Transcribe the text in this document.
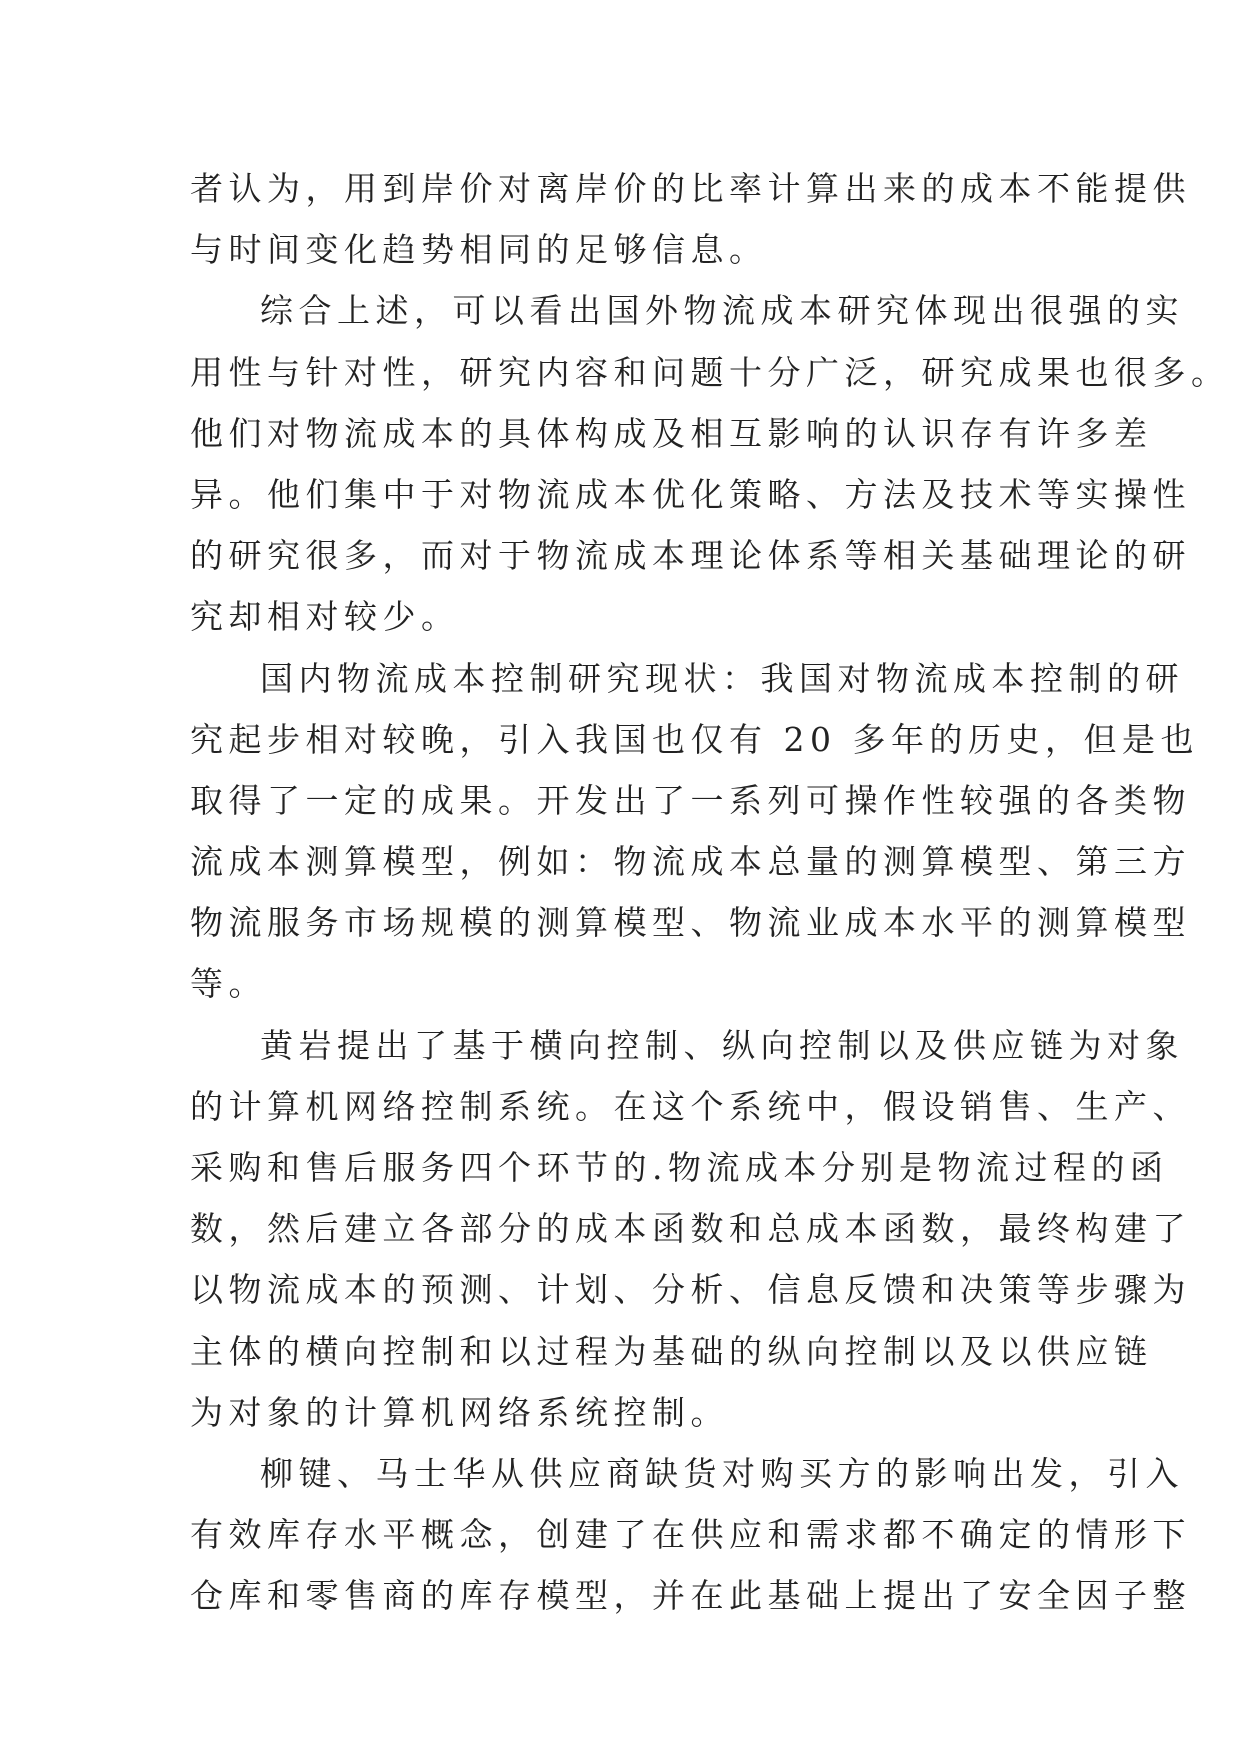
者认为，用到岸价对离岸价的比率计算出来的成本不能提供
与时间变化趋势相同的足够信息。
综合上述，可以看出国外物流成本研究体现出很强的实
用性与针对性，研究内容和问题十分广泛，研究成果也很多。
他们对物流成本的具体构成及相互影响的认识存有许多差
异。他们集中于对物流成本优化策略、方法及技术等实操性
的研究很多，而对于物流成本理论体系等相关基础理论的研
究却相对较少。
国内物流成本控制研究现状：我国对物流成本控制的研
究起步相对较晚，引入我国也仅有 20 多年的历史，但是也
取得了一定的成果。开发出了一系列可操作性较强的各类物
流成本测算模型，例如：物流成本总量的测算模型、第三方
物流服务市场规模的测算模型、物流业成本水平的测算模型
等。
黄岩提出了基于横向控制、纵向控制以及供应链为对象
的计算机网络控制系统。在这个系统中，假设销售、生产、
采购和售后服务四个环节的.物流成本分别是物流过程的函
数，然后建立各部分的成本函数和总成本函数，最终构建了
以物流成本的预测、计划、分析、信息反馈和决策等步骤为
主体的横向控制和以过程为基础的纵向控制以及以供应链
为对象的计算机网络系统控制。
柳键、马士华从供应商缺货对购买方的影响出发，引入
有效库存水平概念，创建了在供应和需求都不确定的情形下
仓库和零售商的库存模型，并在此基础上提出了安全因子整
